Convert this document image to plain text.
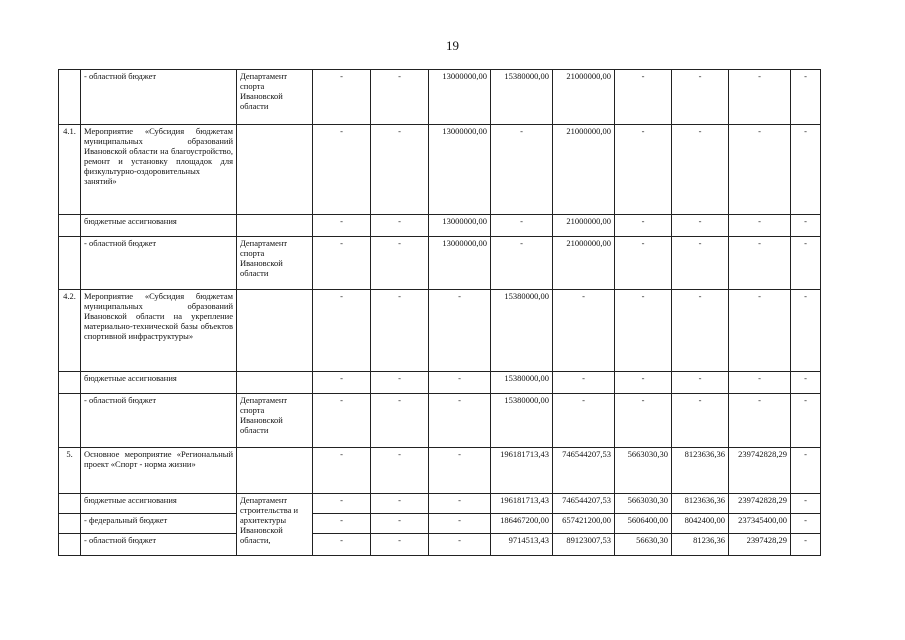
19
	- областной бюджет	Департамент спорта Ивановской области	-	-	13000000,00	15380000,00	21000000,00	-	-	-	-
4.1.	Мероприятие «Субсидия бюджетам муниципальных образований Ивановской области на благоустройство, ремонт и установку площадок для физкультурно-оздоровительных занятий»		-	-	13000000,00	-	21000000,00	-	-	-	-
	бюджетные ассигнования		-	-	13000000,00	-	21000000,00	-	-	-	-
	- областной бюджет	Департамент спорта Ивановской области	-	-	13000000,00	-	21000000,00	-	-	-	-
4.2.	Мероприятие «Субсидия бюджетам муниципальных образований Ивановской области на укрепление материально-технической базы объектов спортивной инфраструктуры»		-	-	-	15380000,00	-	-	-	-	-
	бюджетные ассигнования		-	-	-	15380000,00	-	-	-	-	-
	- областной бюджет	Департамент спорта Ивановской области	-	-	-	15380000,00	-	-	-	-	-
5.	Основное мероприятие «Региональный проект «Спорт - норма жизни»		-	-	-	196181713,43	746544207,53	5663030,30	8123636,36	239742828,29	-
	бюджетные ассигнования	Департамент строительства и архитектуры Ивановской области,	-	-	-	196181713,43	746544207,53	5663030,30	8123636,36	239742828,29	-
	- федеральный бюджет		-	-	-	186467200,00	657421200,00	5606400,00	8042400,00	237345400,00	-
	- областной бюджет		-	-	-	9714513,43	89123007,53	56630,30	81236,36	2397428,29	-
